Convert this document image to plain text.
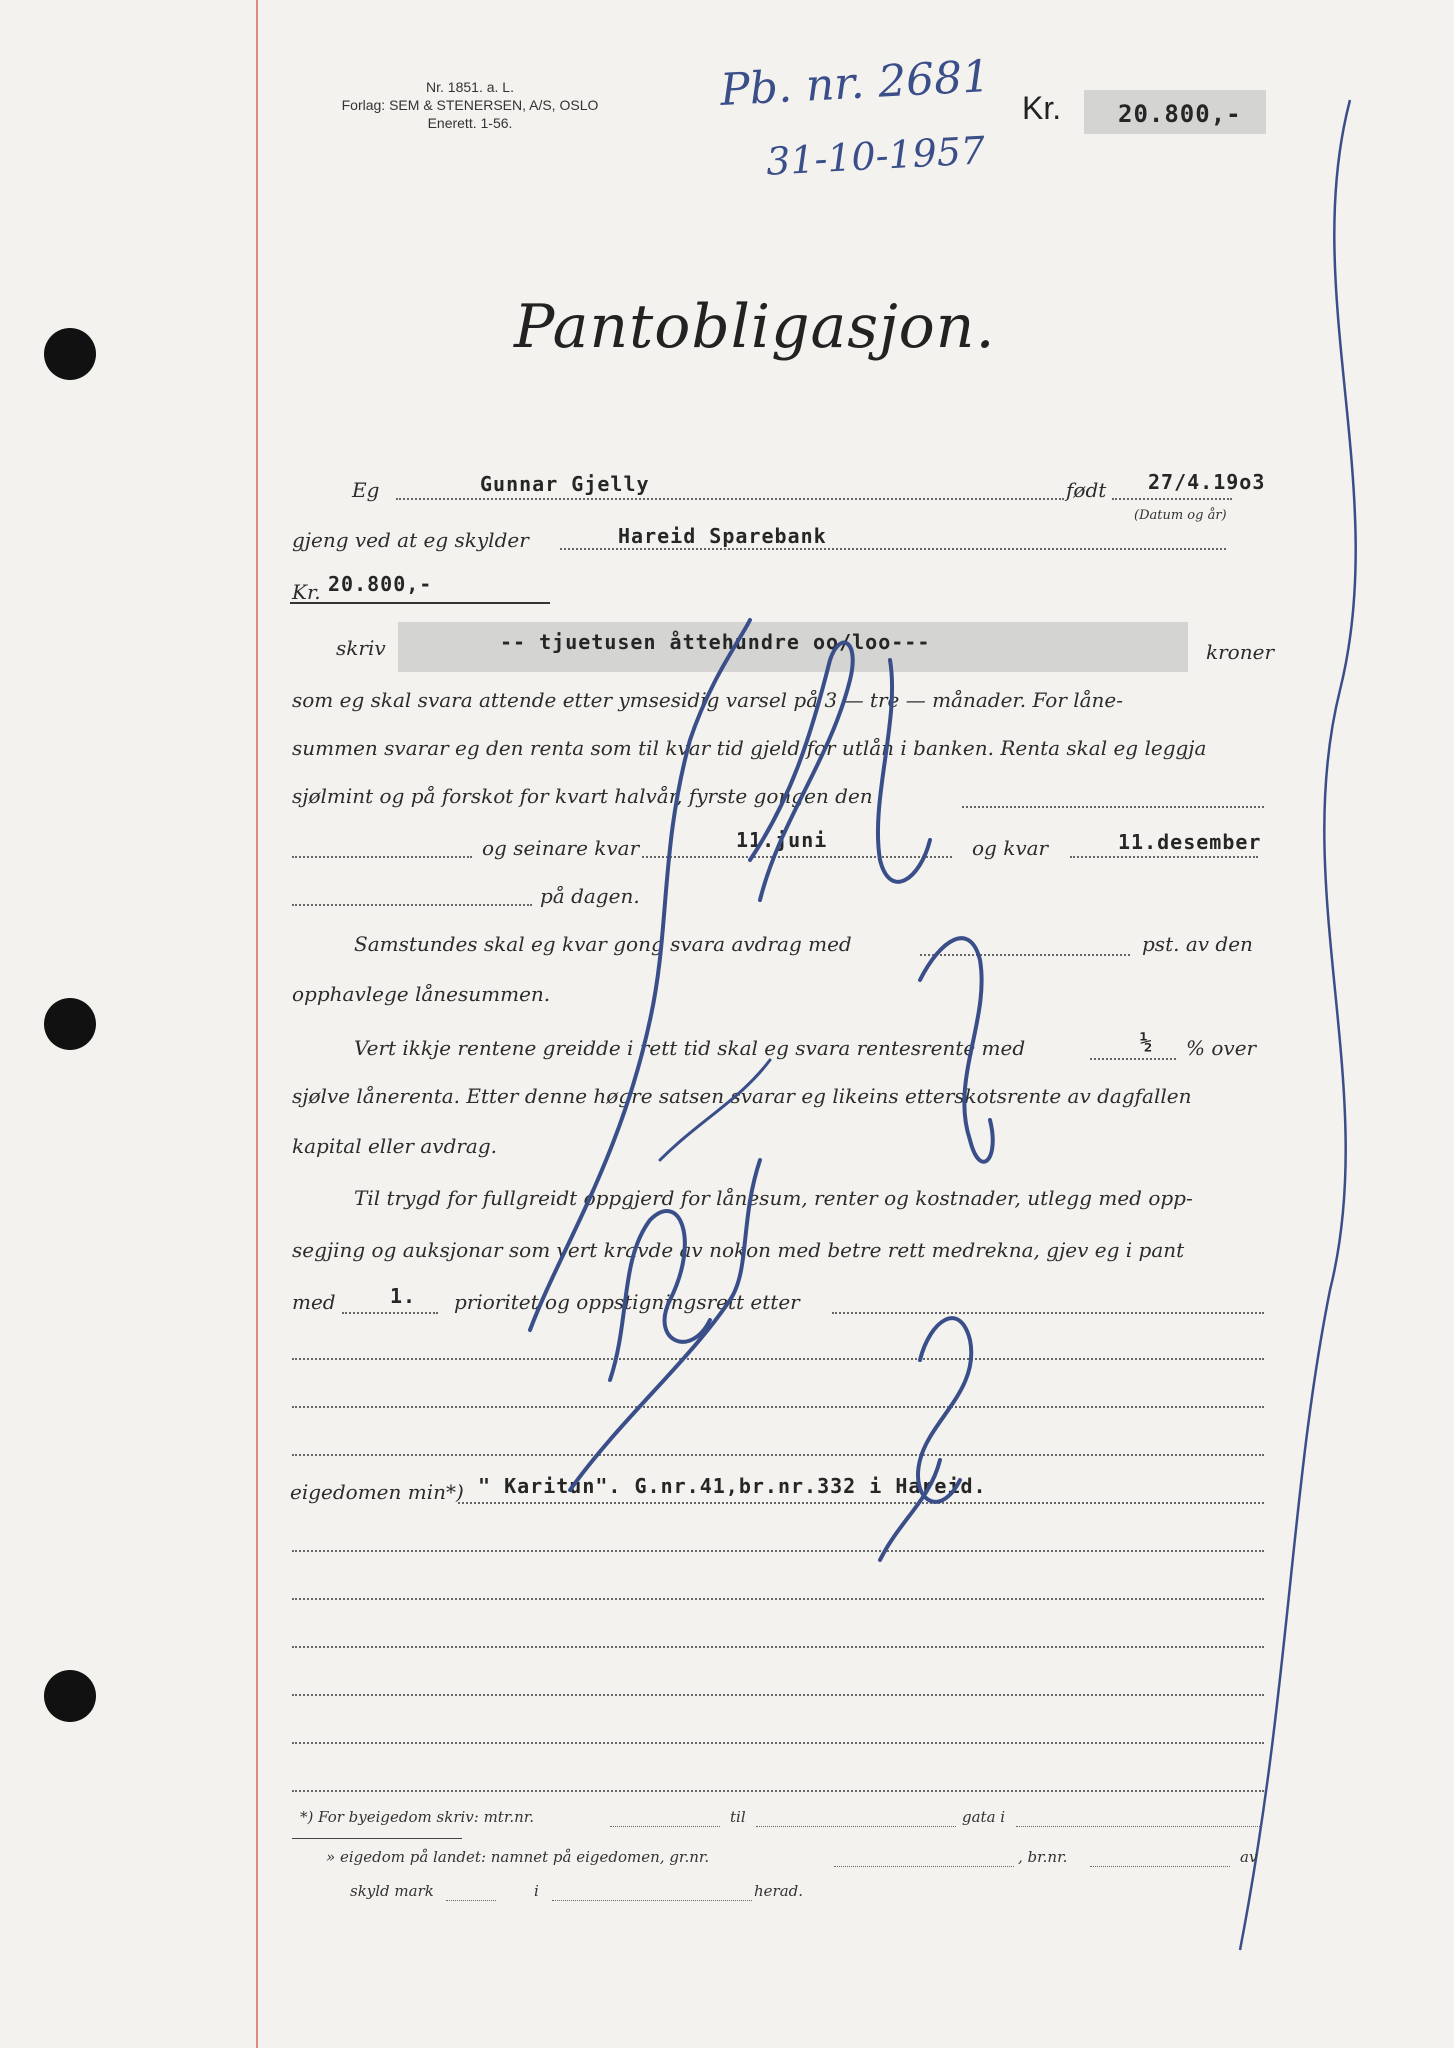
Nr. 1851. a. L.
Forlag: SEM & STENERSEN, A/S, OSLO
Enerett. 1-56.
Pb. nr. 2681
31-10-1957
Kr. 20.800,-
Pantobligasjon.
Eg	Gunnar Gjelly	født 27/4.19o3
(Datum og år)
gjeng ved at eg skylder	Hareid Sparebank
Kr. 20.800,-
skriv	-- tjuetusen åttehundre oo/loo---	kroner
som eg skal svara attende etter ymsesidig varsel på 3 — tre — månader. For låne-
summen svarar eg den renta som til kvar tid gjeld for utlån i banken. Renta skal eg leggja
sjølmint og på forskot for kvart halvår, fyrste gongen den
og seinare kvar	11.juni	og kvar	11.desember
på dagen.
Samstundes skal eg kvar gong svara avdrag med	pst. av den
opphavlege lånesummen.
Vert ikkje rentene greidde i rett tid skal eg svara rentesrente med	½ % over
sjølve lånerenta. Etter denne høgre satsen svarar eg likeins etterskotsrente av dagfallen
kapital eller avdrag.
Til trygd for fullgreidt oppgjerd for lånesum, renter og kostnader, utlegg med opp-
segjing og auksjonar som vert kravde av nokon med betre rett medrekna, gjev eg i pant
med	1. prioritet og oppstigningsrett etter
eigedomen min*) " Karitun". G.nr.41,br.nr.332 i Hareid.
*) For byeigedom skriv: mtr.nr.	til	gata i
» eigedom på landet: namnet på eigedomen, gr.nr.	, br.nr.	av
skyld mark	i	herad.
